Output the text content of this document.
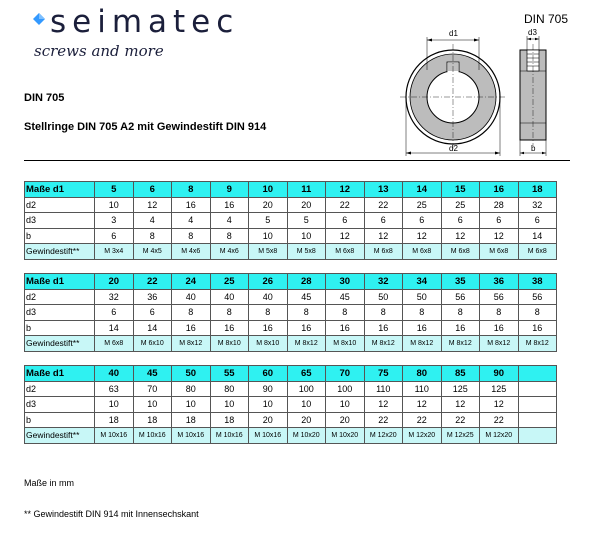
seimatec
screws and more
DIN 705
d1
d2
d3
b
DIN 705
Stellringe DIN 705 A2 mit Gewindestift DIN 914
Maße d1	5	6	8	9	10	11	12	13	14	15	16	18
d2	10	12	16	16	20	20	22	22	25	25	28	32
d3	3	4	4	4	5	5	6	6	6	6	6	6
b	6	8	8	8	10	10	12	12	12	12	12	14
Gewindestift**	M 3x4	M 4x5	M 4x6	M 4x6	M 5x8	M 5x8	M 6x8	M 6x8	M 6x8	M 6x8	M 6x8	M 6x8
Maße d1	20	22	24	25	26	28	30	32	34	35	36	38
d2	32	36	40	40	40	45	45	50	50	56	56	56
d3	6	6	8	8	8	8	8	8	8	8	8	8
b	14	14	16	16	16	16	16	16	16	16	16	16
Gewindestift**	M 6x8	M 6x10	M 8x12	M 8x10	M 8x10	M 8x12	M 8x10	M 8x12	M 8x12	M 8x12	M 8x12	M 8x12
Maße d1	40	45	50	55	60	65	70	75	80	85	90	
d2	63	70	80	80	90	100	100	110	110	125	125	
d3	10	10	10	10	10	10	10	12	12	12	12	
b	18	18	18	18	20	20	20	22	22	22	22	
Gewindestift**	M 10x16	M 10x16	M 10x16	M 10x16	M 10x16	M 10x20	M 10x20	M 12x20	M 12x20	M 12x25	M 12x20	
Maße in mm
** Gewindestift DIN 914 mit Innensechskant
